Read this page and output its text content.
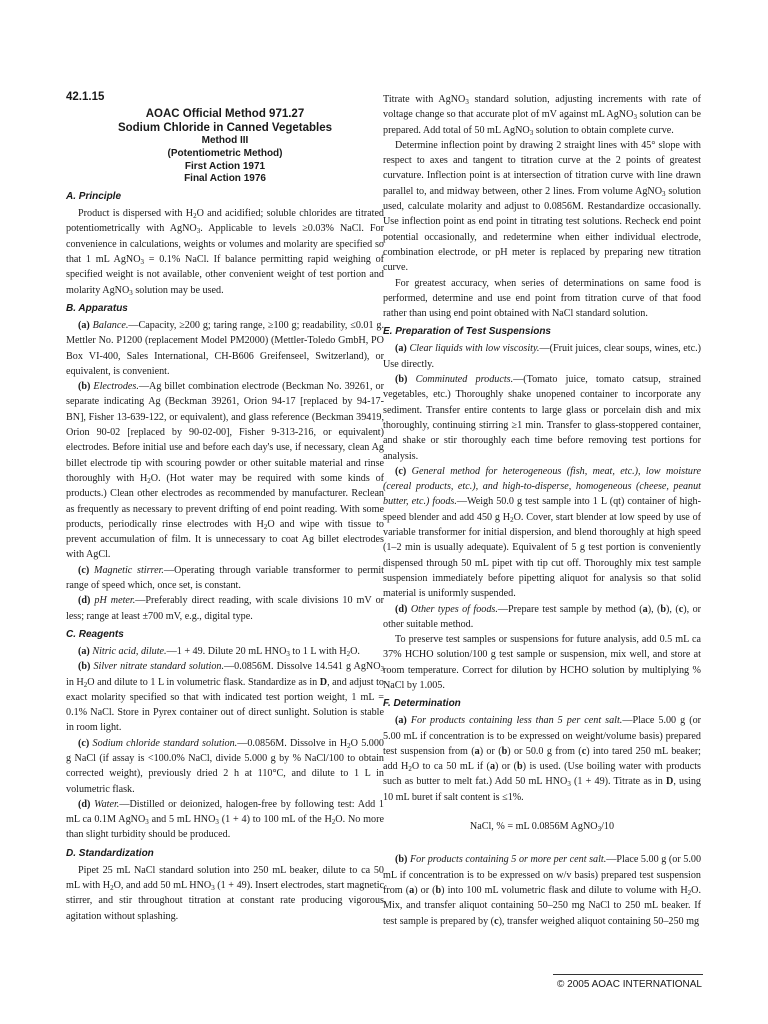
42.1.15
AOAC Official Method 971.27
Sodium Chloride in Canned Vegetables
Method III
(Potentiometric Method)
First Action 1971
Final Action 1976
A. Principle

Product is dispersed with $H_2O$ and acidified; soluble chlorides are titrated potentiometrically with AgNO$_3$. Applicable to levels ≥0.03% NaCl. For convenience in calculations, weights or volumes and molarity are specified so that 1 mL AgNO$_3$ = 0.1% NaCl. If balance permitting rapid weighing of specified weight is not available, other convenient weight of test portion and molarity AgNO$_3$ solution may be used.

B. Apparatus

(a) Balance.—Capacity, ≥200 g; taring range, ≥100 g; readability, ≤0.01 g. Mettler No. P1200 (replacement Model PM2000) (Mettler-Toledo GmbH, PO Box VI-400, Sales International, CH-B606 Greifenseel, Switzerland), or equivalent, is convenient.

(b) Electrodes.—Ag billet combination electrode (Beckman No. 39261, or separate indicating Ag (Beckman 39261, Orion 94-17 [replaced by 94-17-BN], Fisher 13-639-122, or equivalent), and glass reference (Beckman 39419, Orion 90-02 [replaced by 90-02-00], Fisher 9-313-216, or equivalent) electrodes. Before initial use and before each day's use, if necessary, clean Ag billet electrode tip with scouring powder or other suitable material and rinse thoroughly with $H_2O$. (Hot water may be required with some kinds of products.) Clean other electrodes as recommended by manufacturer. Reclean as frequently as necessary to prevent drifting of end point reading. With some products, periodically rinse electrodes with $H_2O$ and wipe with tissue to prevent accumulation of film. It is unnecessary to coat Ag billet electrodes with AgCl.

(c) Magnetic stirrer.—Operating through variable transformer to permit range of speed which, once set, is constant.

(d) pH meter.—Preferably direct reading, with scale divisions 10 mV or less; range at least ±700 mV, e.g., digital type.

C. Reagents

(a) Nitric acid, dilute.—1 + 49. Dilute 20 mL $HNO_3$ to 1 L with $H_2O$.

(b) Silver nitrate standard solution.—0.0856M. Dissolve 14.541 g AgNO$_3$ in $H_2O$ and dilute to 1 L in volumetric flask. Standardize as in D, and adjust to exact molarity specified so that with indicated test portion weight, 1 mL = 0.1% NaCl. Store in Pyrex container out of direct sunlight. Solution is stable in room light.

(c) Sodium chloride standard solution.—0.0856M. Dissolve in $H_2O$ 5.000 g NaCl (if assay is <100.0% NaCl, divide 5.000 g by % NaCl/100 to obtain corrected weight), previously dried 2 h at 110°C, and dilute to 1 L in volumetric flask.

(d) Water.—Distilled or deionized, halogen-free by following test: Add 1 mL ca 0.1M AgNO$_3$ and 5 mL $HNO_3$ (1 + 4) to 100 mL of the $H_2O$. No more than slight turbidity should be produced.

D. Standardization

Pipet 25 mL NaCl standard solution into 250 mL beaker, dilute to ca 50 mL with $H_2O$, and add 50 mL $HNO_3$ (1 + 49). Insert electrodes, start magnetic stirrer, and stir throughout titration at constant rate producing vigorous agitation without splashing.

Titrate with AgNO$_3$ standard solution, adjusting increments with rate of voltage change so that accurate plot of mV against mL AgNO$_3$ solution can be prepared. Add total of 50 mL AgNO$_3$ solution to obtain complete curve.

Determine inflection point by drawing 2 straight lines with 45° slope with respect to axes and tangent to titration curve at the 2 points of greatest curvature. Inflection point is at intersection of titration curve with line drawn parallel to, and midway between, other 2 lines. From volume AgNO$_3$ solution used, calculate molarity and adjust to 0.0856M. Restandardize occasionally. Use inflection point as end point in titrating test solutions. Recheck end point potential occasionally, and redetermine when either individual electrode, combination electrode, or pH meter is replaced by preparing new titration curve.

For greatest accuracy, when series of determinations on same food is performed, determine and use end point from titration curve of that food rather than using end point obtained with NaCl standard solution.

E. Preparation of Test Suspensions

(a) Clear liquids with low viscosity.—(Fruit juices, clear soups, wines, etc.) Use directly.

(b) Comminuted products.—(Tomato juice, tomato catsup, strained vegetables, etc.) Thoroughly shake unopened container to incorporate any sediment. Transfer entire contents to large glass or porcelain dish and mix thoroughly, continuing stirring ≥1 min. Transfer to glass-stoppered container, and shake or stir thoroughly each time before removing test portions for analysis.

(c) General method for heterogeneous (fish, meat, etc.), low moisture (cereal products, etc.), and high-to-disperse, homogeneous (cheese, peanut butter, etc.) foods.—Weigh 50.0 g test sample into 1 L (qt) container of high-speed blender and add 450 g $H_2O$. Cover, start blender at low speed by use of variable transformer for initial dispersion, and blend thoroughly at high speed (1–2 min is usually adequate). Equivalent of 5 g test portion is conveniently dispensed through 50 mL pipet with tip cut off. Thoroughly mix test sample suspension immediately before pipetting aliquot for analysis so that solid material is uniformly suspended.

(d) Other types of foods.—Prepare test sample by method (a), (b), (c), or other suitable method.

To preserve test samples or suspensions for future analysis, add 0.5 mL ca 37% HCHO solution/100 g test sample or suspension, mix well, and store at room temperature. Correct for dilution by HCHO solution by multiplying % NaCl by 1.005.

F. Determination

(a) For products containing less than 5 per cent salt.—Place 5.00 g (or 5.00 mL if concentration is to be expressed on weight/volume basis) prepared test suspension from (a) or (b) or 50.0 g from (c) into tared 250 mL beaker; add $H_2O$ to ca 50 mL if (a) or (b) is used. (Use boiling water with products such as butter to melt fat.) Add 50 mL $HNO_3$ (1 + 49). Titrate as in D, using 10 mL buret if salt content is ≤1%.

NaCl, % = mL 0.0856M AgNO$_3$/10

(b) For products containing 5 or more per cent salt.—Place 5.00 g (or 5.00 mL if concentration is to be expressed on w/v basis) prepared test suspension from (a) or (b) into 100 mL volumetric flask and dilute to volume with $H_2O$. Mix, and transfer aliquot containing 50–250 mg NaCl to 250 mL beaker. If test sample is prepared by (c), transfer weighed aliquot containing 50–250 mg

© 2005 AOAC INTERNATIONAL
